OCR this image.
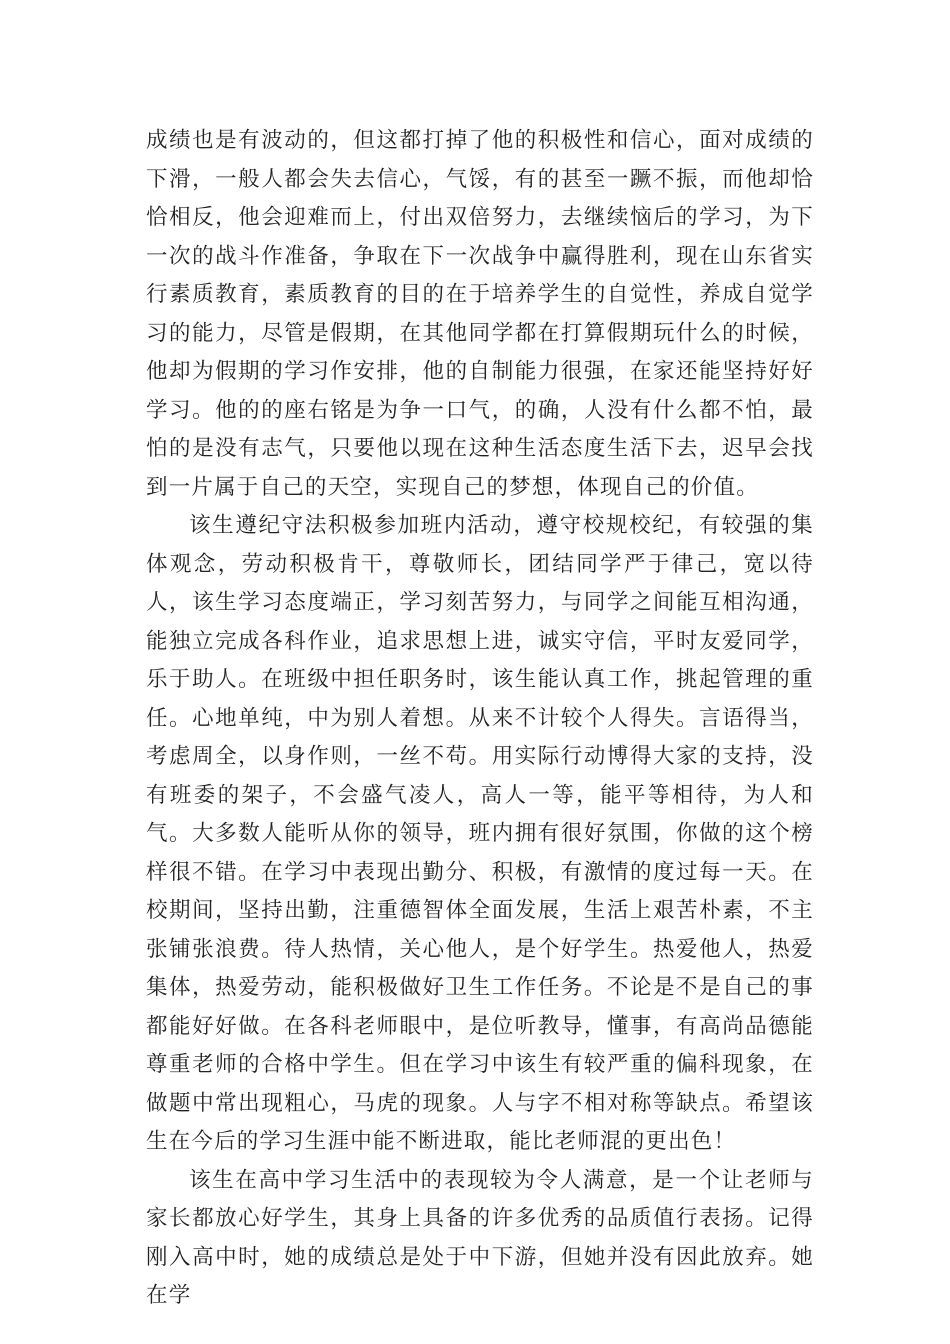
成绩也是有波动的，但这都打掉了他的积极性和信心，面对成绩的下滑，一般人都会失去信心，气馁，有的甚至一蹶不振，而他却恰恰相反，他会迎难而上，付出双倍努力，去继续恼后的学习，为下一次的战斗作准备，争取在下一次战争中赢得胜利，现在山东省实行素质教育，素质教育的目的在于培养学生的自觉性，养成自觉学习的能力，尽管是假期，在其他同学都在打算假期玩什么的时候，他却为假期的学习作安排，他的自制能力很强，在家还能坚持好好学习。他的的座右铭是为争一口气，的确，人没有什么都不怕，最怕的是没有志气，只要他以现在这种生活态度生活下去，迟早会找到一片属于自己的天空，实现自己的梦想，体现自己的价值。

该生遵纪守法积极参加班内活动，遵守校规校纪，有较强的集体观念，劳动积极肯干，尊敬师长，团结同学严于律己，宽以待人，该生学习态度端正，学习刻苦努力，与同学之间能互相沟通，能独立完成各科作业，追求思想上进，诚实守信，平时友爱同学，乐于助人。在班级中担任职务时，该生能认真工作，挑起管理的重任。心地单纯，中为别人着想。从来不计较个人得失。言语得当，考虑周全，以身作则，一丝不苟。用实际行动博得大家的支持，没有班委的架子，不会盛气凌人，高人一等，能平等相待，为人和气。大多数人能听从你的领导，班内拥有很好氛围，你做的这个榜样很不错。在学习中表现出勤分、积极，有激情的度过每一天。在校期间，坚持出勤，注重德智体全面发展，生活上艰苦朴素，不主张铺张浪费。待人热情，关心他人，是个好学生。热爱他人，热爱集体，热爱劳动，能积极做好卫生工作任务。不论是不是自己的事都能好好做。在各科老师眼中，是位听教导，懂事，有高尚品德能尊重老师的合格中学生。但在学习中该生有较严重的偏科现象，在做题中常出现粗心，马虎的现象。人与字不相对称等缺点。希望该生在今后的学习生涯中能不断进取，能比老师混的更出色！

该生在高中学习生活中的表现较为令人满意，是一个让老师与家长都放心好学生，其身上具备的许多优秀的品质值行表扬。记得刚入高中时，她的成绩总是处于中下游，但她并没有因此放弃。她在学
